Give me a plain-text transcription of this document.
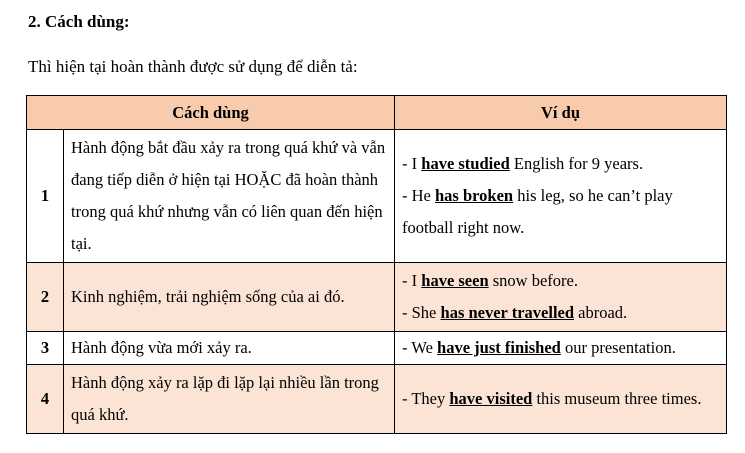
2. Cách dùng:
Thì hiện tại hoàn thành được sử dụng để diễn tả:
Cách dùng		Ví dụ
1	Hành động bắt đầu xảy ra trong quá khứ và vẫn đang tiếp diễn ở hiện tại HOẶC đã hoàn thành trong quá khứ nhưng vẫn có liên quan đến hiện tại.	- I have studied English for 9 years.
- He has broken his leg, so he can’t play football right now.

2	Kinh nghiệm, trải nghiệm sống của ai đó.	- I have seen snow before.
- She has never travelled abroad.

3	Hành động vừa mới xảy ra.	- We have just finished our presentation.

4	Hành động xảy ra lặp đi lặp lại nhiều lần trong quá khứ.	- They have visited this museum three times.
